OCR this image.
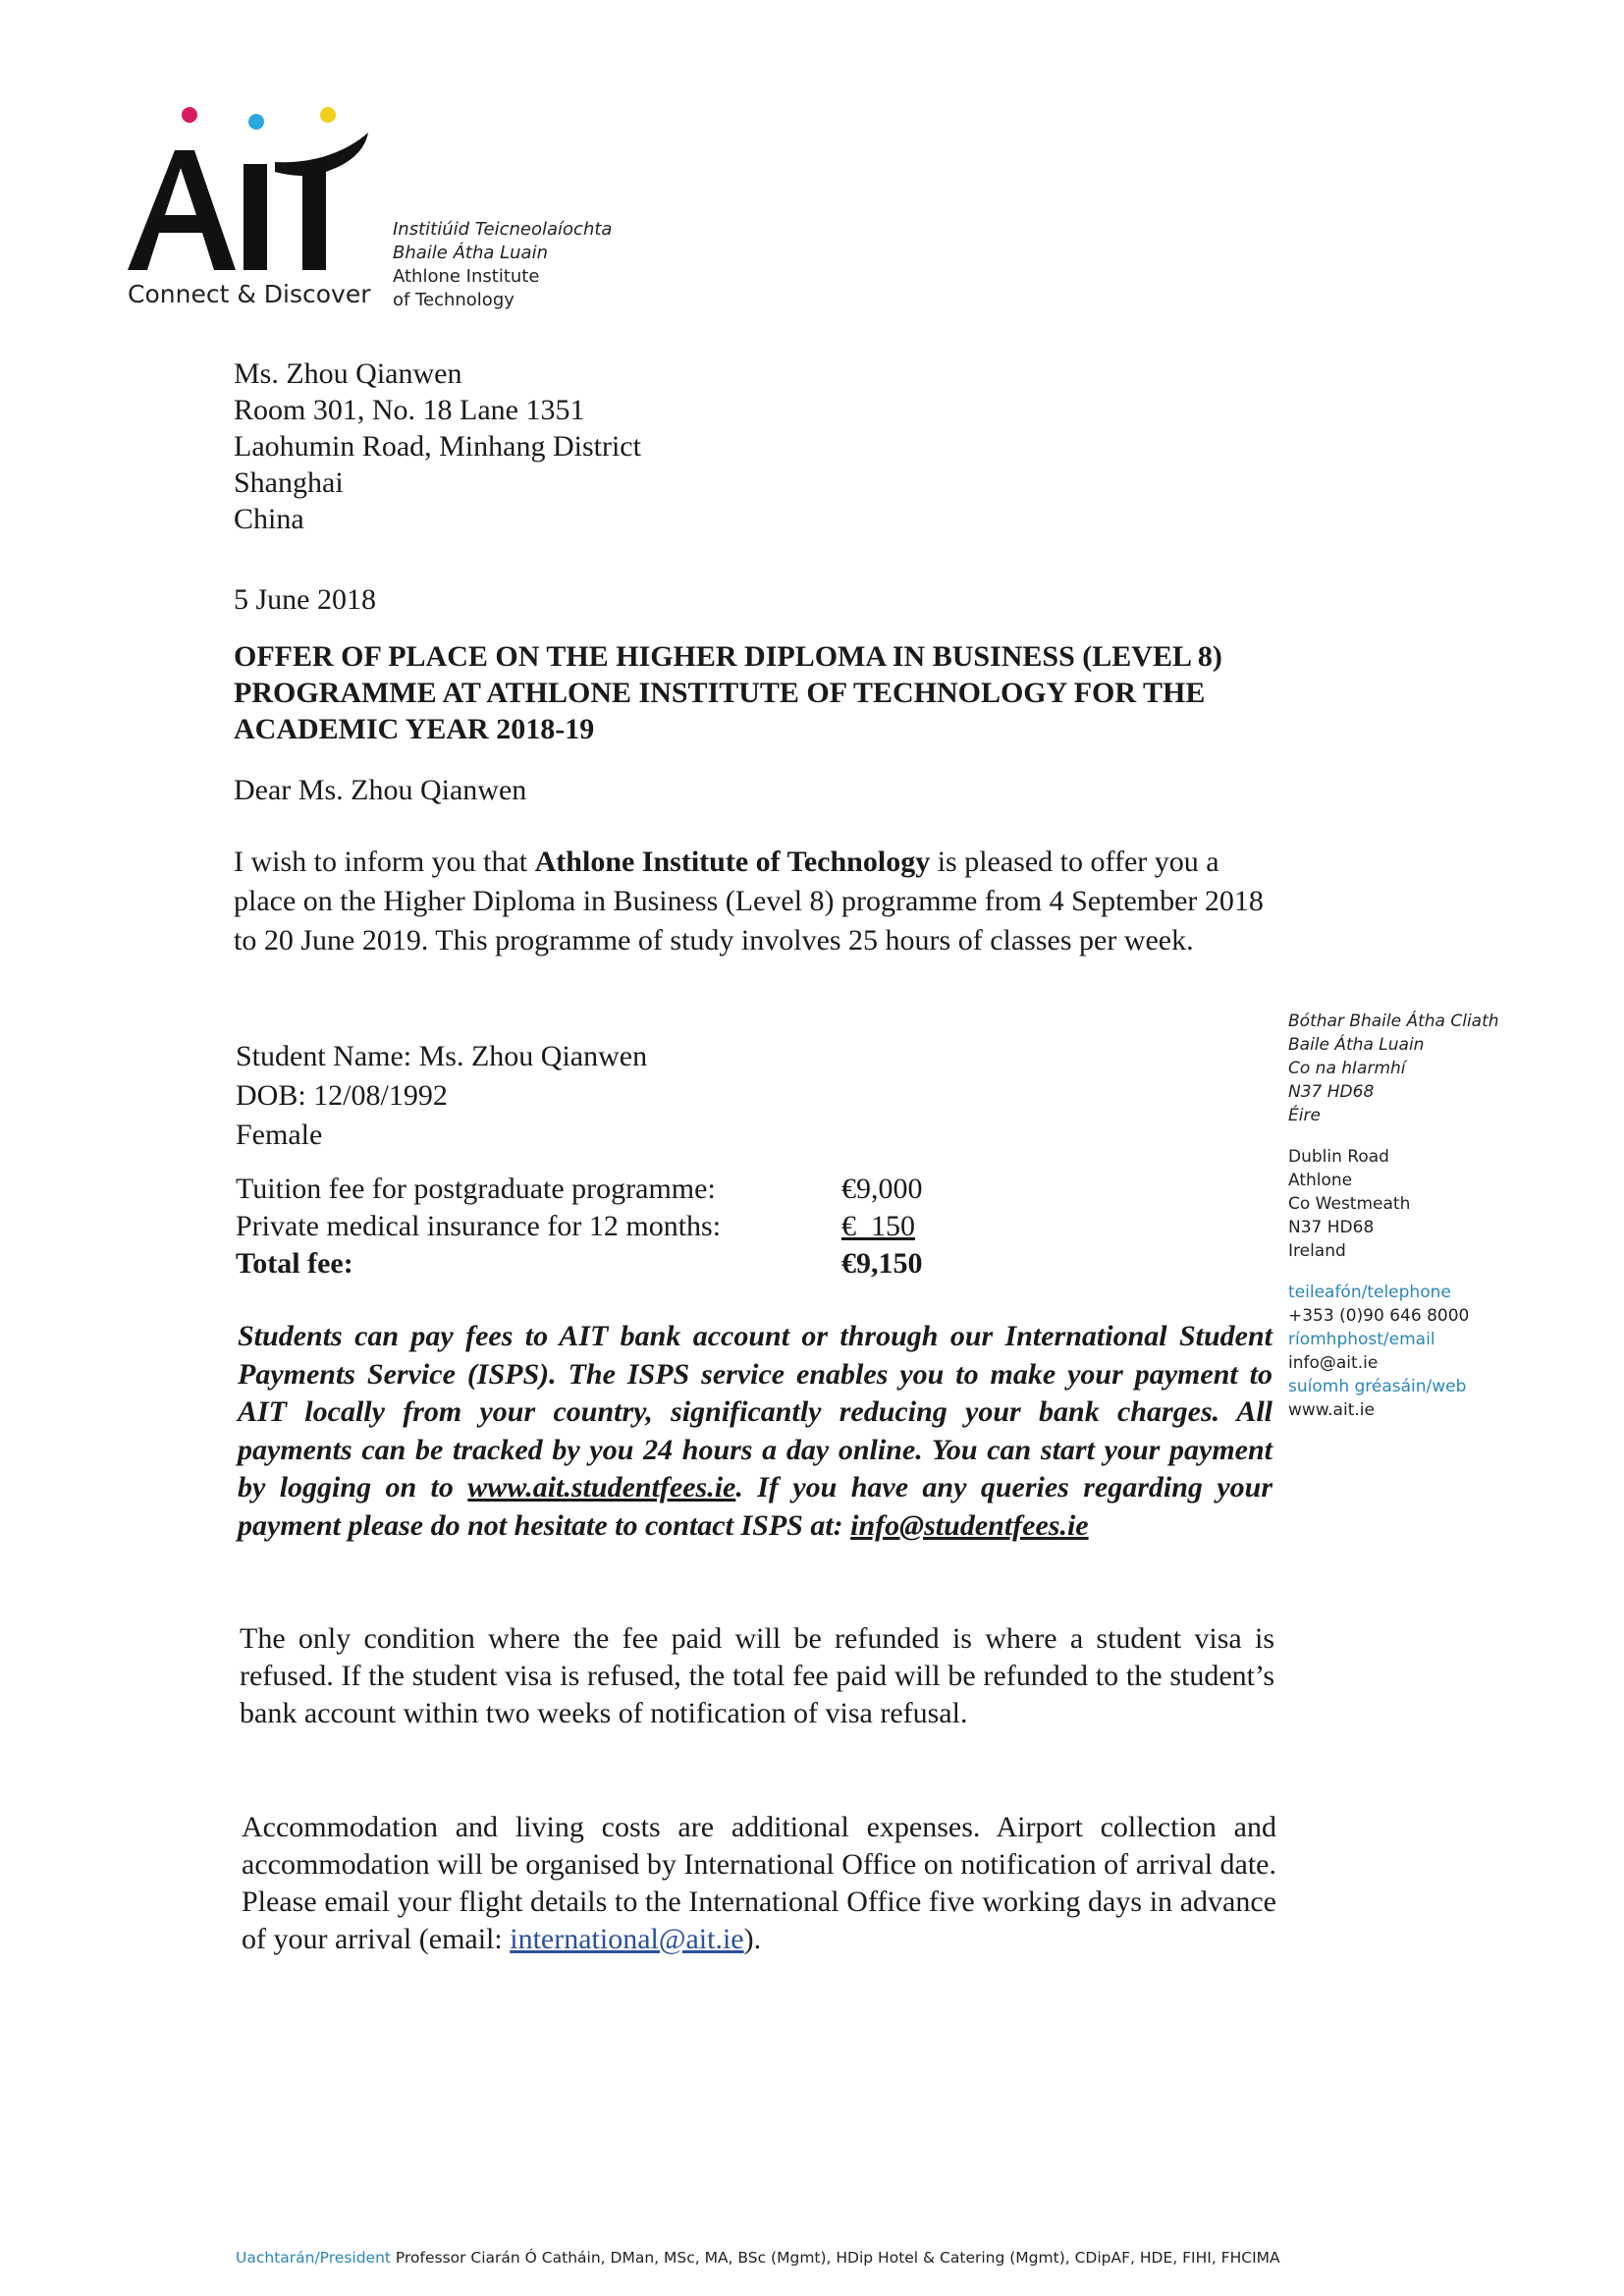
Connect & Discover
Institiúid Teicneolaíochta
Bhaile Átha Luain
Athlone Institute
of Technology
Ms. Zhou Qianwen
Room 301, No. 18 Lane 1351
Laohumin Road, Minhang District
Shanghai
China
5 June 2018
OFFER OF PLACE ON THE HIGHER DIPLOMA IN BUSINESS (LEVEL 8)
PROGRAMME AT ATHLONE INSTITUTE OF TECHNOLOGY FOR THE
ACADEMIC YEAR 2018-19
Dear Ms. Zhou Qianwen
I wish to inform you that Athlone Institute of Technology is pleased to offer you a place on the Higher Diploma in Business (Level 8) programme from 4 September 2018 to 20 June 2019. This programme of study involves 25 hours of classes per week.
Student Name: Ms. Zhou Qianwen
DOB: 12/08/1992
Female
Tuition fee for postgraduate programme:	€9,000
Private medical insurance for 12 months:	€  150
Total fee:	€9,150
Students can pay fees to AIT bank account or through our International Student Payments Service (ISPS). The ISPS service enables you to make your payment to AIT locally from your country, significantly reducing your bank charges. All payments can be tracked by you 24 hours a day online. You can start your payment by logging on to www.ait.studentfees.ie. If you have any queries regarding your payment please do not hesitate to contact ISPS at: info@studentfees.ie
The only condition where the fee paid will be refunded is where a student visa is refused. If the student visa is refused, the total fee paid will be refunded to the student’s bank account within two weeks of notification of visa refusal.
Accommodation and living costs are additional expenses. Airport collection and accommodation will be organised by International Office on notification of arrival date. Please email your flight details to the International Office five working days in advance of your arrival (email: international@ait.ie).
Bóthar Bhaile Átha Cliath
Baile Átha Luain
Co na hIarmhí
N37 HD68
Éire
Dublin Road
Athlone
Co Westmeath
N37 HD68
Ireland
teileafón/telephone
+353 (0)90 646 8000
ríomhphost/email
info@ait.ie
suíomh gréasáin/web
www.ait.ie
Uachtarán/President Professor Ciarán Ó Catháin, DMan, MSc, MA, BSc (Mgmt), HDip Hotel & Catering (Mgmt), CDipAF, HDE, FIHI, FHCIMA
